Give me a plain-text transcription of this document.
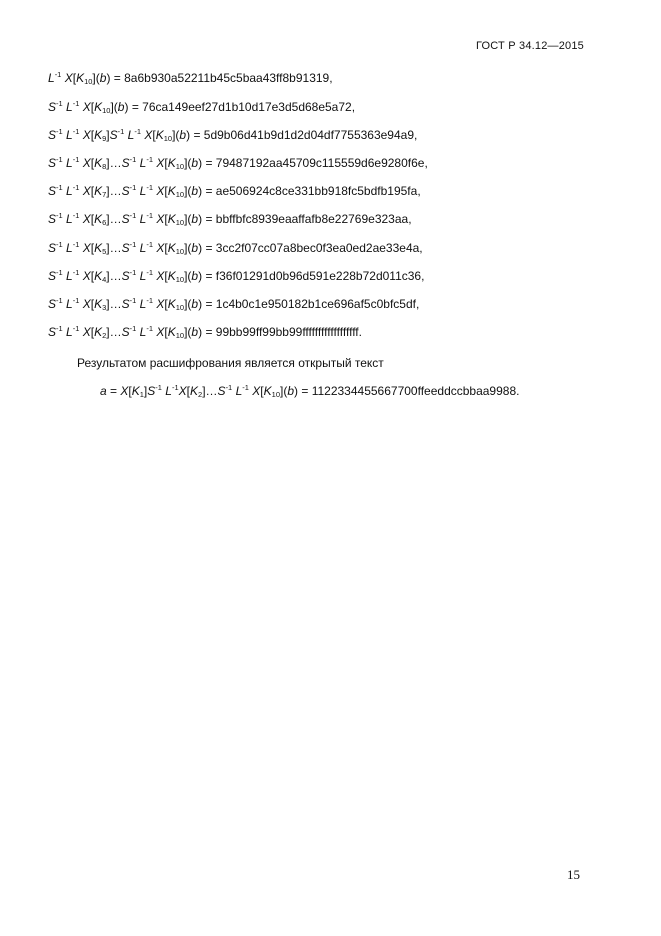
ГОСТ Р 34.12—2015
$L^{-1}$ $X[K_{10}](b) = 8a6b930a52211b45c5baa43ff8b91319$,
$S^{-1}$ $L^{-1}$ $X[K_{10}](b) = 76ca149eef27d1b10d17e3d5d68e5a72$,
$S^{-1}$ $L^{-1}$ $X[K_9]S^{-1}$ $L^{-1}$ $X[K_{10}](b) = 5d9b06d41b9d1d2d04df7755363e94a9$,
$S^{-1}$ $L^{-1}$ $X[K_8]\dots S^{-1}$ $L^{-1}$ $X[K_{10}](b) = 79487192aa45709c115559d6e9280f6e$,
$S^{-1}$ $L^{-1}$ $X[K_7]\dots S^{-1}$ $L^{-1}$ $X[K_{10}](b)$ = ae506924c8ce331bb918fc5bdfb195fa,
$S^{-1}$ $L^{-1}$ $X[K_6]\dots S^{-1}$ $L^{-1}$ $X[K_{10}](b)$ = bbffbfc8939eaaffafb8e22769e323aa,
$S^{-1}$ $L^{-1}$ $X[K_5]\dots S^{-1}$ $L^{-1}$ $X[K_{10}](b) = 3cc2f07cc07a8bec0f3ea0ed2ae33e4a$,
$S^{-1}$ $L^{-1}$ $X[K_4]\dots S^{-1}$ $L^{-1}$ $X[K_{10}](b) = f36f01291d0b96d591e228b72d011c36$,
$S^{-1}$ $L^{-1}$ $X[K_3]\dots S^{-1}$ $L^{-1}$ $X[K_{10}](b) = 1c4b0c1e950182b1ce696af5c0bfc5df$,
$S^{-1}$ $L^{-1}$ $X[K_2]\dots S^{-1}$ $L^{-1}$ $X[K_{10}](b)$ = 99bb99ff99bb99ffffffffffffffffff.
Результатом расшифрования является открытый текст
$a = X[K_1]S^{-1}$ $L^{-1}X[K_2]\dots S^{-1}$ $L^{-1}$ $X[K_{10}](b)$ = 1122334455667700ffeeddccbbaa9988.
15
